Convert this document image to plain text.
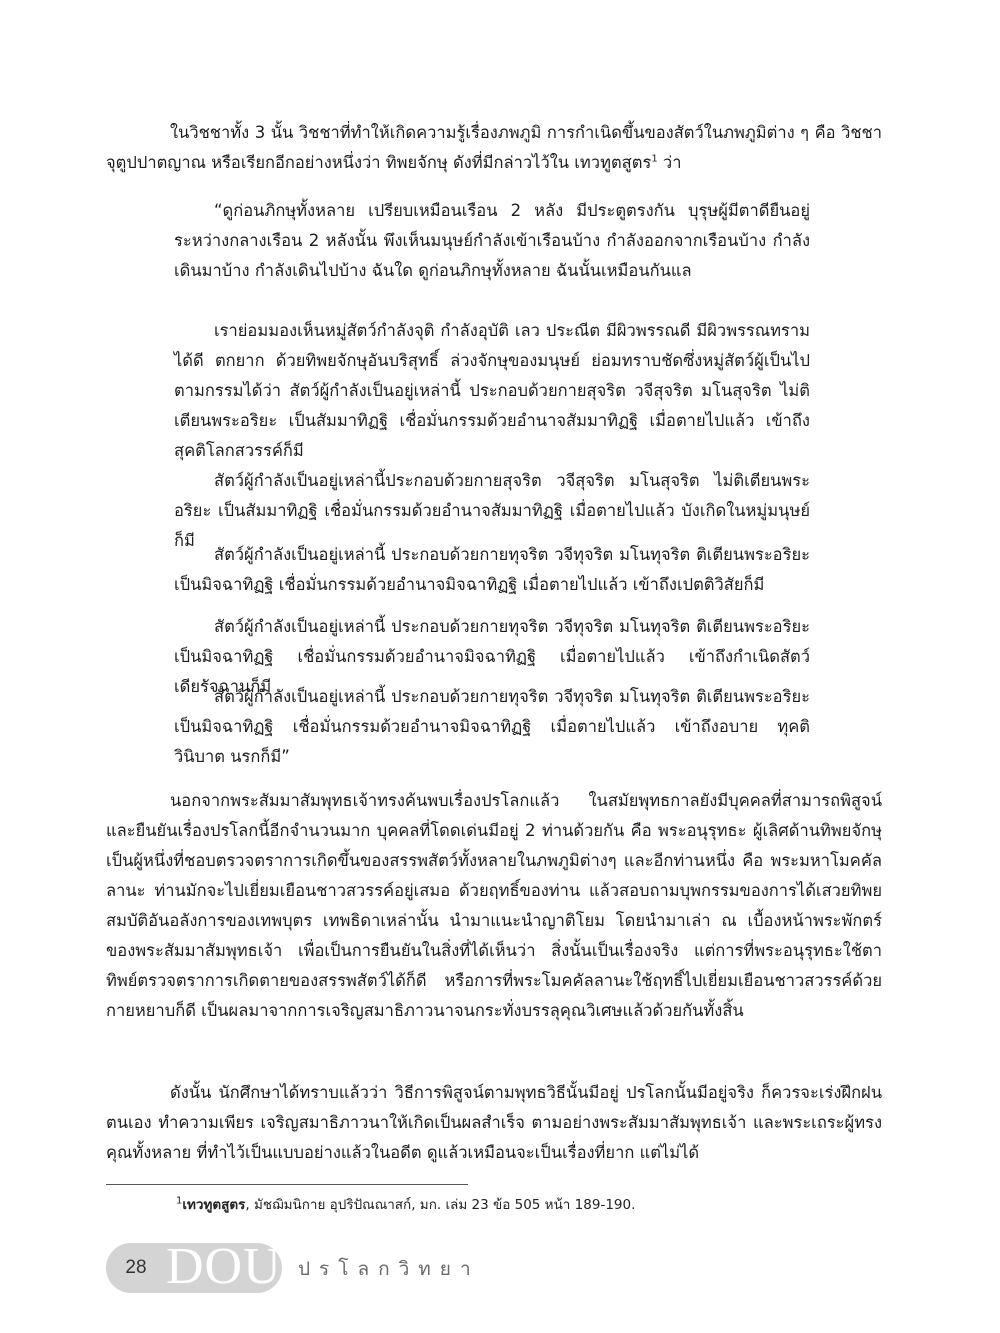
ในวิชชาทั้ง 3 นั้น วิชชาที่ทำให้เกิดความรู้เรื่องภพภูมิ การกำเนิดขึ้นของสัตว์ในภพภูมิต่าง ๆ คือ วิชชาจุตูปปาตญาณ หรือเรียกอีกอย่างหนึ่งว่า ทิพยจักษุ ดังที่มีกล่าวไว้ใน เทวทูตสูตร$^1$ ว่า

“ดูก่อนภิกษุทั้งหลาย เปรียบเหมือนเรือน 2 หลัง มีประตูตรงกัน บุรุษผู้มีตาดียืนอยู่ระหว่างกลางเรือน 2 หลังนั้น พึงเห็นมนุษย์กำลังเข้าเรือนบ้าง กำลังออกจากเรือนบ้าง กำลังเดินมาบ้าง กำลังเดินไปบ้าง ฉันใด ดูก่อนภิกษุทั้งหลาย ฉันนั้นเหมือนกันแล

เราย่อมมองเห็นหมู่สัตว์กำลังจุติ กำลังอุบัติ เลว ประณีต มีผิวพรรณดี มีผิวพรรณทราม ได้ดี ตกยาก ด้วยทิพยจักษุอันบริสุทธิ์ ล่วงจักษุของมนุษย์ ย่อมทราบชัดซึ่งหมู่สัตว์ผู้เป็นไปตามกรรมได้ว่า สัตว์ผู้กำลังเป็นอยู่เหล่านี้ ประกอบด้วยกายสุจริต วจีสุจริต มโนสุจริต ไม่ติเตียนพระอริยะ เป็นสัมมาทิฏฐิ เชื่อมั่นกรรมด้วยอำนาจสัมมาทิฏฐิ เมื่อตายไปแล้ว เข้าถึงสุคติโลกสวรรค์ก็มี

สัตว์ผู้กำลังเป็นอยู่เหล่านี้ประกอบด้วยกายสุจริต วจีสุจริต มโนสุจริต ไม่ติเตียนพระอริยะ เป็นสัมมาทิฏฐิ เชื่อมั่นกรรมด้วยอำนาจสัมมาทิฏฐิ เมื่อตายไปแล้ว บังเกิดในหมู่มนุษย์ก็มี

สัตว์ผู้กำลังเป็นอยู่เหล่านี้ ประกอบด้วยกายทุจริต วจีทุจริต มโนทุจริต ติเตียนพระอริยะ เป็นมิจฉาทิฏฐิ เชื่อมั่นกรรมด้วยอำนาจมิจฉาทิฏฐิ เมื่อตายไปแล้ว เข้าถึงเปตติวิสัยก็มี

สัตว์ผู้กำลังเป็นอยู่เหล่านี้ ประกอบด้วยกายทุจริต วจีทุจริต มโนทุจริต ติเตียนพระอริยะ เป็นมิจฉาทิฏฐิ เชื่อมั่นกรรมด้วยอำนาจมิจฉาทิฏฐิ เมื่อตายไปแล้ว เข้าถึงกำเนิดสัตว์เดียรัจฉานก็มี

สัตว์ผู้กำลังเป็นอยู่เหล่านี้ ประกอบด้วยกายทุจริต วจีทุจริต มโนทุจริต ติเตียนพระอริยะ เป็นมิจฉาทิฏฐิ เชื่อมั่นกรรมด้วยอำนาจมิจฉาทิฏฐิ เมื่อตายไปแล้ว เข้าถึงอบาย ทุคติ วินิบาต นรกก็มี”

นอกจากพระสัมมาสัมพุทธเจ้าทรงค้นพบเรื่องปรโลกแล้ว ในสมัยพุทธกาลยังมีบุคคลที่สามารถพิสูจน์และยืนยันเรื่องปรโลกนี้อีกจำนวนมาก บุคคลที่โดดเด่นมีอยู่ 2 ท่านด้วยกัน คือ พระอนุรุทธะ ผู้เลิศด้านทิพยจักษุ เป็นผู้หนึ่งที่ชอบตรวจตราการเกิดขึ้นของสรรพสัตว์ทั้งหลายในภพภูมิต่างๆ และอีกท่านหนึ่ง คือ พระมหาโมคคัลลานะ ท่านมักจะไปเยี่ยมเยือนชาวสวรรค์อยู่เสมอ ด้วยฤทธิ์ของท่าน แล้วสอบถามบุพกรรมของการได้เสวยทิพยสมบัติอันอลังการของเทพบุตร เทพธิดาเหล่านั้น นำมาแนะนำญาติโยม โดยนำมาเล่า ณ เบื้องหน้าพระพักตร์ของพระสัมมาสัมพุทธเจ้า เพื่อเป็นการยืนยันในสิ่งที่ได้เห็นว่า สิ่งนั้นเป็นเรื่องจริง แต่การที่พระอนุรุทธะใช้ตาทิพย์ตรวจตราการเกิดตายของสรรพสัตว์ได้ก็ดี หรือการที่พระโมคคัลลานะใช้ฤทธิ์ไปเยี่ยมเยือนชาวสวรรค์ด้วยกายหยาบก็ดี เป็นผลมาจากการเจริญสมาธิภาวนาจนกระทั่งบรรลุคุณวิเศษแล้วด้วยกันทั้งสิ้น

ดังนั้น นักศึกษาได้ทราบแล้วว่า วิธีการพิสูจน์ตามพุทธวิธีนั้นมีอยู่ ปรโลกนั้นมีอยู่จริง ก็ควรจะเร่งฝึกฝนตนเอง ทำความเพียร เจริญสมาธิภาวนาให้เกิดเป็นผลสำเร็จ ตามอย่างพระสัมมาสัมพุทธเจ้า และพระเถระผู้ทรงคุณทั้งหลาย ที่ทำไว้เป็นแบบอย่างแล้วในอดีต ดูแล้วเหมือนจะเป็นเรื่องที่ยาก แต่ไม่ได้

$^1$เทวทูตสูตร, มัชฌิมนิกาย อุปริปัณณาสก์, มก. เล่ม 23 ข้อ 505 หน้า 189-190.
28 DOU ปรโลกวิทยา
